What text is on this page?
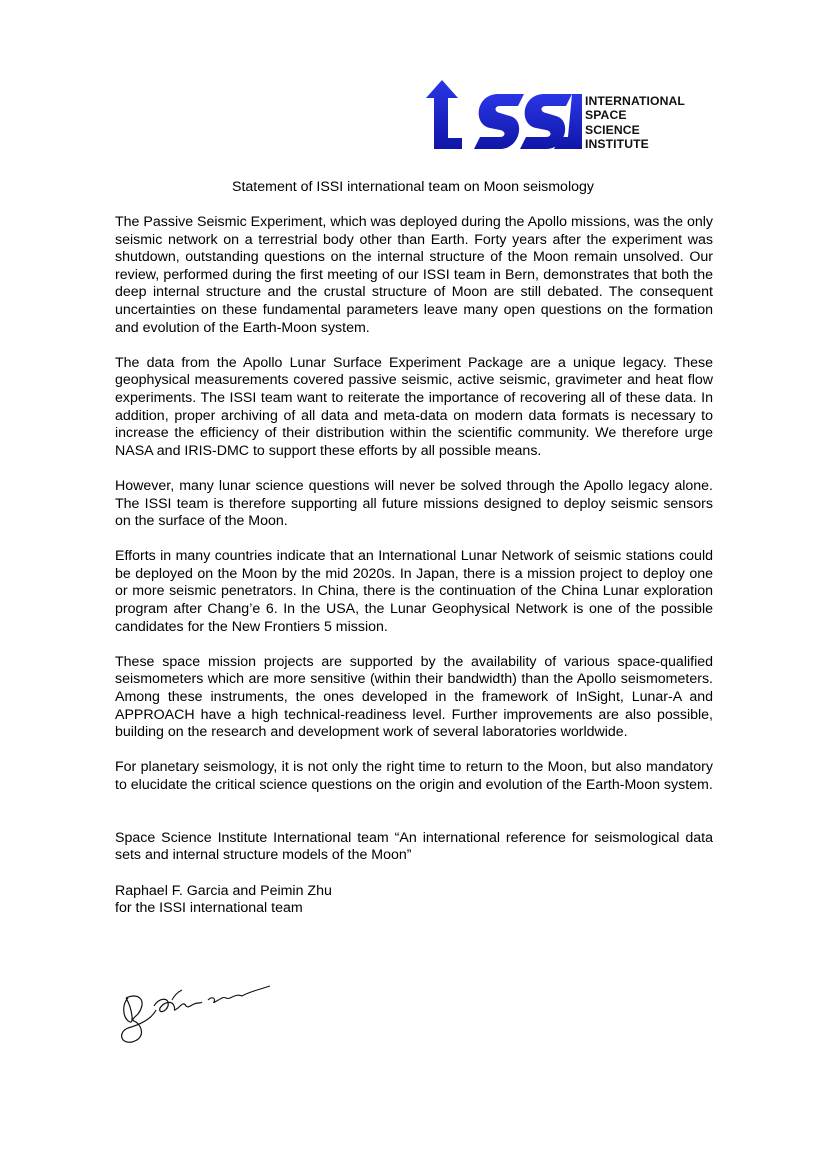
INTERNATIONAL
SPACE
SCIENCE
INSTITUTE
Statement of ISSI international team on Moon seismology

The Passive Seismic Experiment, which was deployed during the Apollo missions, was the only seismic network on a terrestrial body other than Earth. Forty years after the experiment was shutdown, outstanding questions on the internal structure of the Moon remain unsolved. Our review, performed during the first meeting of our ISSI team in Bern, demonstrates that both the deep internal structure and the crustal structure of Moon are still debated. The consequent uncertainties on these fundamental parameters leave many open questions on the formation and evolution of the Earth-Moon system.

The data from the Apollo Lunar Surface Experiment Package are a unique legacy. These geophysical measurements covered passive seismic, active seismic, gravimeter and heat flow experiments. The ISSI team want to reiterate the importance of recovering all of these data. In addition, proper archiving of all data and meta-data on modern data formats is necessary to increase the efficiency of their distribution within the scientific community. We therefore urge NASA and IRIS-DMC to support these efforts by all possible means.

However, many lunar science questions will never be solved through the Apollo legacy alone. The ISSI team is therefore supporting all future missions designed to deploy seismic sensors on the surface of the Moon.

Efforts in many countries indicate that an International Lunar Network of seismic stations could be deployed on the Moon by the mid 2020s. In Japan, there is a mission project to deploy one or more seismic penetrators. In China, there is the continuation of the China Lunar exploration program after Chang’e 6. In the USA, the Lunar Geophysical Network is one of the possible candidates for the New Frontiers 5 mission.

These space mission projects are supported by the availability of various space-qualified seismometers which are more sensitive (within their bandwidth) than the Apollo seismometers. Among these instruments, the ones developed in the framework of InSight, Lunar-A and APPROACH have a high technical-readiness level. Further improvements are also possible, building on the research and development work of several laboratories worldwide.

For planetary seismology, it is not only the right time to return to the Moon, but also mandatory to elucidate the critical science questions on the origin and evolution of the Earth-Moon system.

Space Science Institute International team “An international reference for seismological data sets and internal structure models of the Moon”

Raphael F. Garcia and Peimin Zhu
for the ISSI international team
